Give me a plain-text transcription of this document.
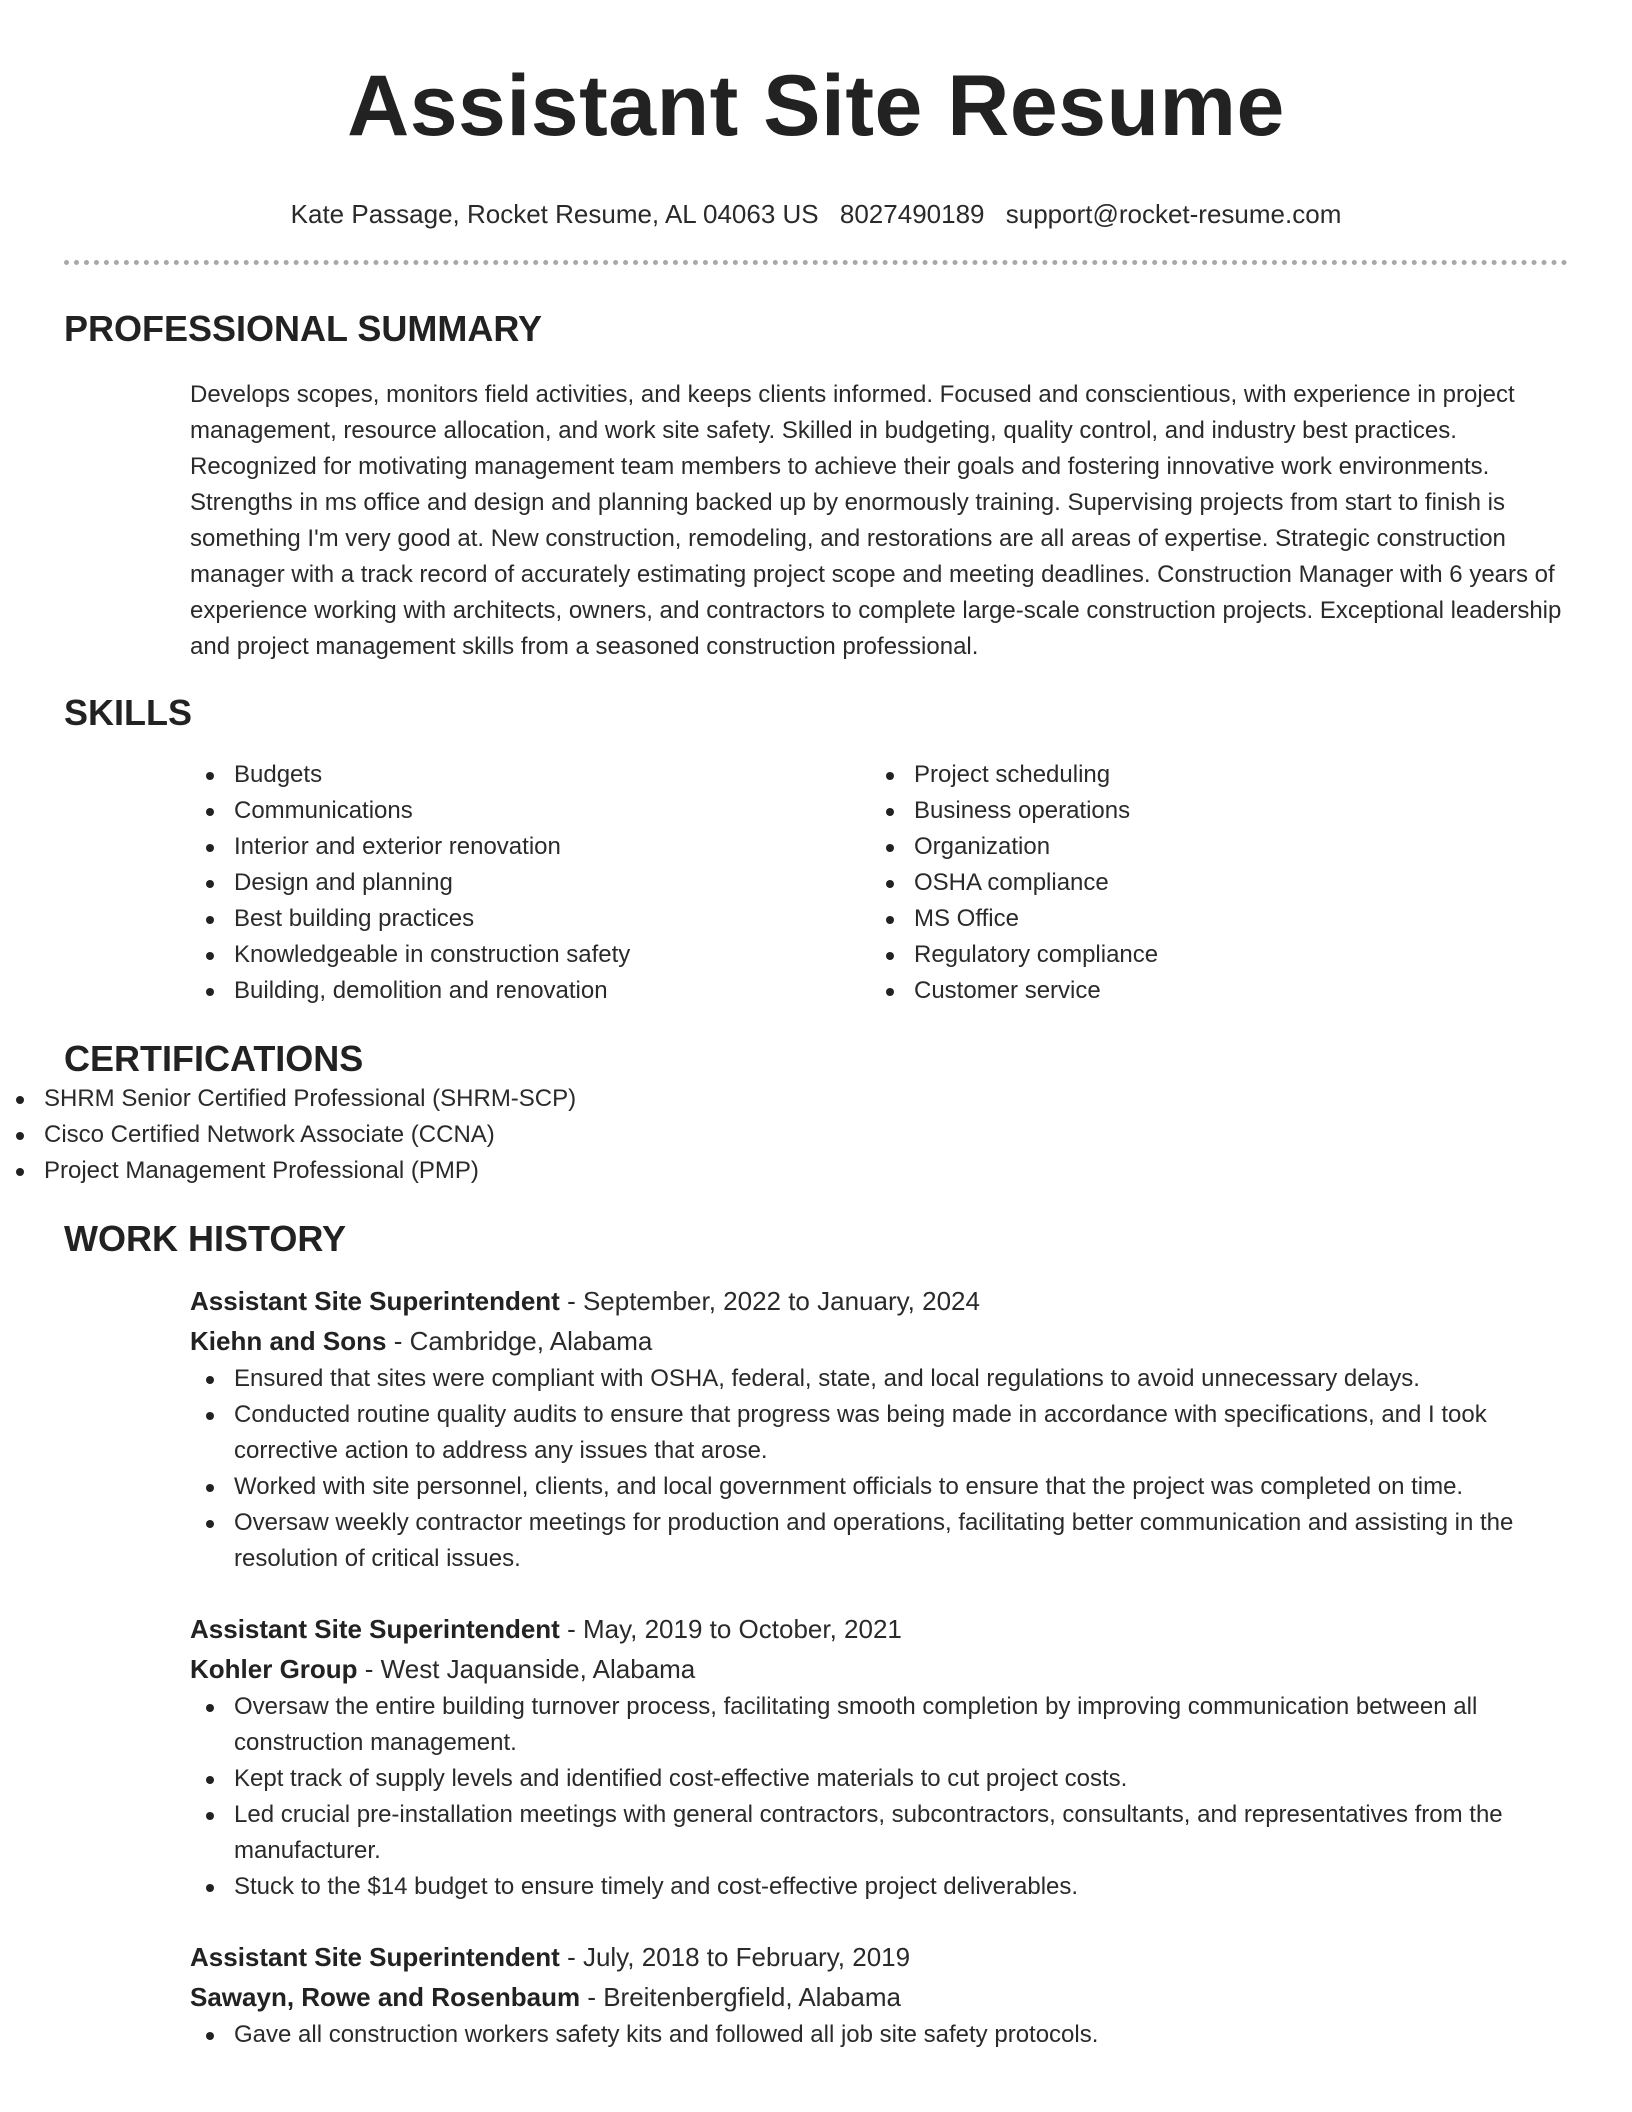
Assistant Site Resume
Kate Passage, Rocket Resume, AL 04063 US 8027490189 support@rocket-resume.com
PROFESSIONAL SUMMARY

Develops scopes, monitors field activities, and keeps clients informed. Focused and conscientious, with experience in project management, resource allocation, and work site safety. Skilled in budgeting, quality control, and industry best practices. Recognized for motivating management team members to achieve their goals and fostering innovative work environments. Strengths in ms office and design and planning backed up by enormously training. Supervising projects from start to finish is something I'm very good at. New construction, remodeling, and restorations are all areas of expertise. Strategic construction manager with a track record of accurately estimating project scope and meeting deadlines. Construction Manager with 6 years of experience working with architects, owners, and contractors to complete large-scale construction projects. Exceptional leadership and project management skills from a seasoned construction professional.

SKILLS
Budgets
Communications
Interior and exterior renovation
Design and planning
Best building practices
Knowledgeable in construction safety
Building, demolition and renovation
Project scheduling
Business operations
Organization
OSHA compliance
MS Office
Regulatory compliance
Customer service
CERTIFICATIONS
SHRM Senior Certified Professional (SHRM-SCP)
Cisco Certified Network Associate (CCNA)
Project Management Professional (PMP)
WORK HISTORY
Assistant Site Superintendent - September, 2022 to January, 2024
Kiehn and Sons - Cambridge, Alabama
Ensured that sites were compliant with OSHA, federal, state, and local regulations to avoid unnecessary delays.
Conducted routine quality audits to ensure that progress was being made in accordance with specifications, and I took corrective action to address any issues that arose.
Worked with site personnel, clients, and local government officials to ensure that the project was completed on time.
Oversaw weekly contractor meetings for production and operations, facilitating better communication and assisting in the resolution of critical issues.
Assistant Site Superintendent - May, 2019 to October, 2021
Kohler Group - West Jaquanside, Alabama
Oversaw the entire building turnover process, facilitating smooth completion by improving communication between all construction management.
Kept track of supply levels and identified cost-effective materials to cut project costs.
Led crucial pre-installation meetings with general contractors, subcontractors, consultants, and representatives from the manufacturer.
Stuck to the $14 budget to ensure timely and cost-effective project deliverables.
Assistant Site Superintendent - July, 2018 to February, 2019
Sawayn, Rowe and Rosenbaum - Breitenbergfield, Alabama
Gave all construction workers safety kits and followed all job site safety protocols.
